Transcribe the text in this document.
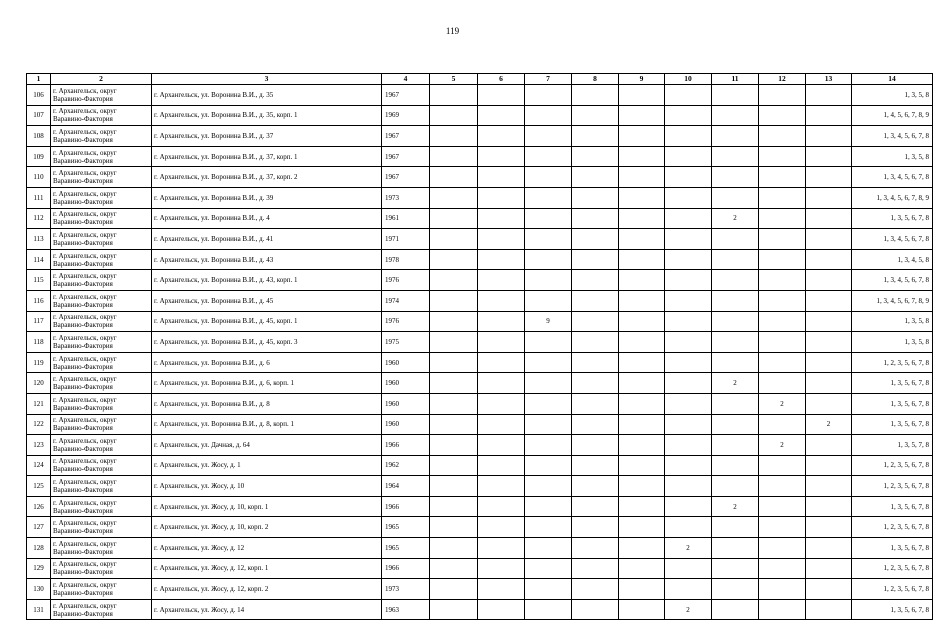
119
1	2	3	4	5	6	7	8	9	10	11	12	13	14
106	г. Архангельск, округ Варавино-Фактория	г. Архангельск, ул. Воронина В.И., д. 35	1967										1, 3, 5, 8
107	г. Архангельск, округ Варавино-Фактория	г. Архангельск, ул. Воронина В.И., д. 35, корп. 1	1969										1, 4, 5, 6, 7, 8, 9
108	г. Архангельск, округ Варавино-Фактория	г. Архангельск, ул. Воронина В.И., д. 37	1967										1, 3, 4, 5, 6, 7, 8
109	г. Архангельск, округ Варавино-Фактория	г. Архангельск, ул. Воронина В.И., д. 37, корп. 1	1967										1, 3, 5, 8
110	г. Архангельск, округ Варавино-Фактория	г. Архангельск, ул. Воронина В.И., д. 37, корп. 2	1967										1, 3, 4, 5, 6, 7, 8
111	г. Архангельск, округ Варавино-Фактория	г. Архангельск, ул. Воронина В.И., д. 39	1973										1, 3, 4, 5, 6, 7, 8, 9
112	г. Архангельск, округ Варавино-Фактория	г. Архангельск, ул. Воронина В.И., д. 4	1961							2			1, 3, 5, 6, 7, 8
113	г. Архангельск, округ Варавино-Фактория	г. Архангельск, ул. Воронина В.И., д. 41	1971										1, 3, 4, 5, 6, 7, 8
114	г. Архангельск, округ Варавино-Фактория	г. Архангельск, ул. Воронина В.И., д. 43	1978										1, 3, 4, 5, 8
115	г. Архангельск, округ Варавино-Фактория	г. Архангельск, ул. Воронина В.И., д. 43, корп. 1	1976										1, 3, 4, 5, 6, 7, 8
116	г. Архангельск, округ Варавино-Фактория	г. Архангельск, ул. Воронина В.И., д. 45	1974										1, 3, 4, 5, 6, 7, 8, 9
117	г. Архангельск, округ Варавино-Фактория	г. Архангельск, ул. Воронина В.И., д. 45, корп. 1	1976			9							1, 3, 5, 8
118	г. Архангельск, округ Варавино-Фактория	г. Архангельск, ул. Воронина В.И., д. 45, корп. 3	1975										1, 3, 5, 8
119	г. Архангельск, округ Варавино-Фактория	г. Архангельск, ул. Воронина В.И., д. 6	1960										1, 2, 3, 5, 6, 7, 8
120	г. Архангельск, округ Варавино-Фактория	г. Архангельск, ул. Воронина В.И., д. 6, корп. 1	1960							2			1, 3, 5, 6, 7, 8
121	г. Архангельск, округ Варавино-Фактория	г. Архангельск, ул. Воронина В.И., д. 8	1960								2		1, 3, 5, 6, 7, 8
122	г. Архангельск, округ Варавино-Фактория	г. Архангельск, ул. Воронина В.И., д. 8, корп. 1	1960									2	1, 3, 5, 6, 7, 8
123	г. Архангельск, округ Варавино-Фактория	г. Архангельск, ул. Дачная, д. 64	1966								2		1, 3, 5, 7, 8
124	г. Архангельск, округ Варавино-Фактория	г. Архангельск, ул. Жосу, д. 1	1962										1, 2, 3, 5, 6, 7, 8
125	г. Архангельск, округ Варавино-Фактория	г. Архангельск, ул. Жосу, д. 10	1964										1, 2, 3, 5, 6, 7, 8
126	г. Архангельск, округ Варавино-Фактория	г. Архангельск, ул. Жосу, д. 10, корп. 1	1966							2			1, 3, 5, 6, 7, 8
127	г. Архангельск, округ Варавино-Фактория	г. Архангельск, ул. Жосу, д. 10, корп. 2	1965										1, 2, 3, 5, 6, 7, 8
128	г. Архангельск, округ Варавино-Фактория	г. Архангельск, ул. Жосу, д. 12	1965						2				1, 3, 5, 6, 7, 8
129	г. Архангельск, округ Варавино-Фактория	г. Архангельск, ул. Жосу, д. 12, корп. 1	1966										1, 2, 3, 5, 6, 7, 8
130	г. Архангельск, округ Варавино-Фактория	г. Архангельск, ул. Жосу, д. 12, корп. 2	1973										1, 2, 3, 5, 6, 7, 8
131	г. Архангельск, округ Варавино-Фактория	г. Архангельск, ул. Жосу, д. 14	1963						2				1, 3, 5, 6, 7, 8
